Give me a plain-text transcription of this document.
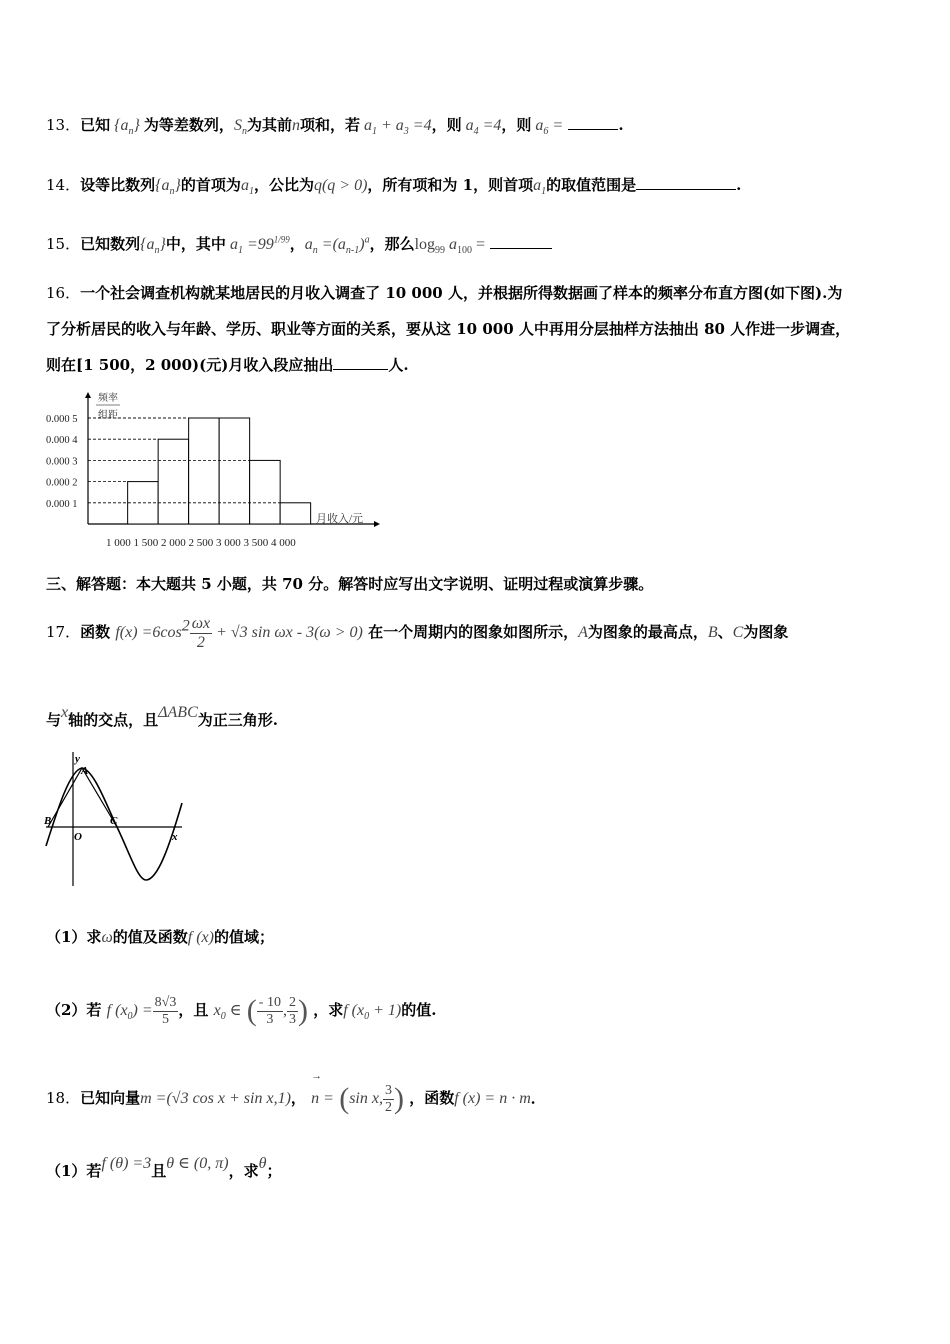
13．已知 $\{a_n\}$ 为等差数列，$S_n$为其前n项和，若 $a_1 + a_3 =4$，则 $a_4 =4$，则 $a_6$ =	.
14．设等比数列$\{a_n\}$的首项为$a_1$，公比为q(q > 0)，所有项和为 1，则首项$a_1$的取值范围是	.
15．已知数列$\{a_n\}$中，其中 $a_1 =99^{1/99}$，$a_n =(a_{n-1})^a$，那么$\log_{99} a_{100}$ =
16．一个社会调查机构就某地居民的月收入调查了 10 000 人，并根据所得数据画了样本的频率分布直方图(如下图).为
了分析居民的收入与年龄、学历、职业等方面的关系，要从这 10 000 人中再用分层抽样方法抽出 80 人作进一步调查，
则在[1 500，2 000)(元)月收入段应抽出	人.
0.000 5
0.000 4
0.000 3
0.000 2
0.000 1
频率
组距
月收入/元
1 000 1 500 2 000 2 500 3 000 3 500 4 000
三、解答题：本大题共 5 小题，共 70 分。解答时应写出文字说明、证明过程或演算步骤。
17．函数 $f(x) =6\cos^2 \frac{\omega x}{2} + √3$ sin ωx - 3(ω > 0) 在一个周期内的图象如图所示，A为图象的最高点，B、C为图象
与x轴的交点，且ΔABC为正三角形.
y
A
B	C
O	x
（1）求ω的值及函数f (x)的值域；
（2）若 f $(x_0) = \frac{8√3}{5}$ ，且 $x_0$ ∈ ( $\frac{- 10}{3}$ , $\frac{2}{3}$ ) ，求f $(x_0 + 1)$的值.
18．已知向量m =(√3 cos x + sin x,1)，
→
n = (sin x, $\frac{3}{2}$ ) ，函数f (x) = n · m．
（1）若f (θ) =3且θ ∈ (0, π)，求θ；
